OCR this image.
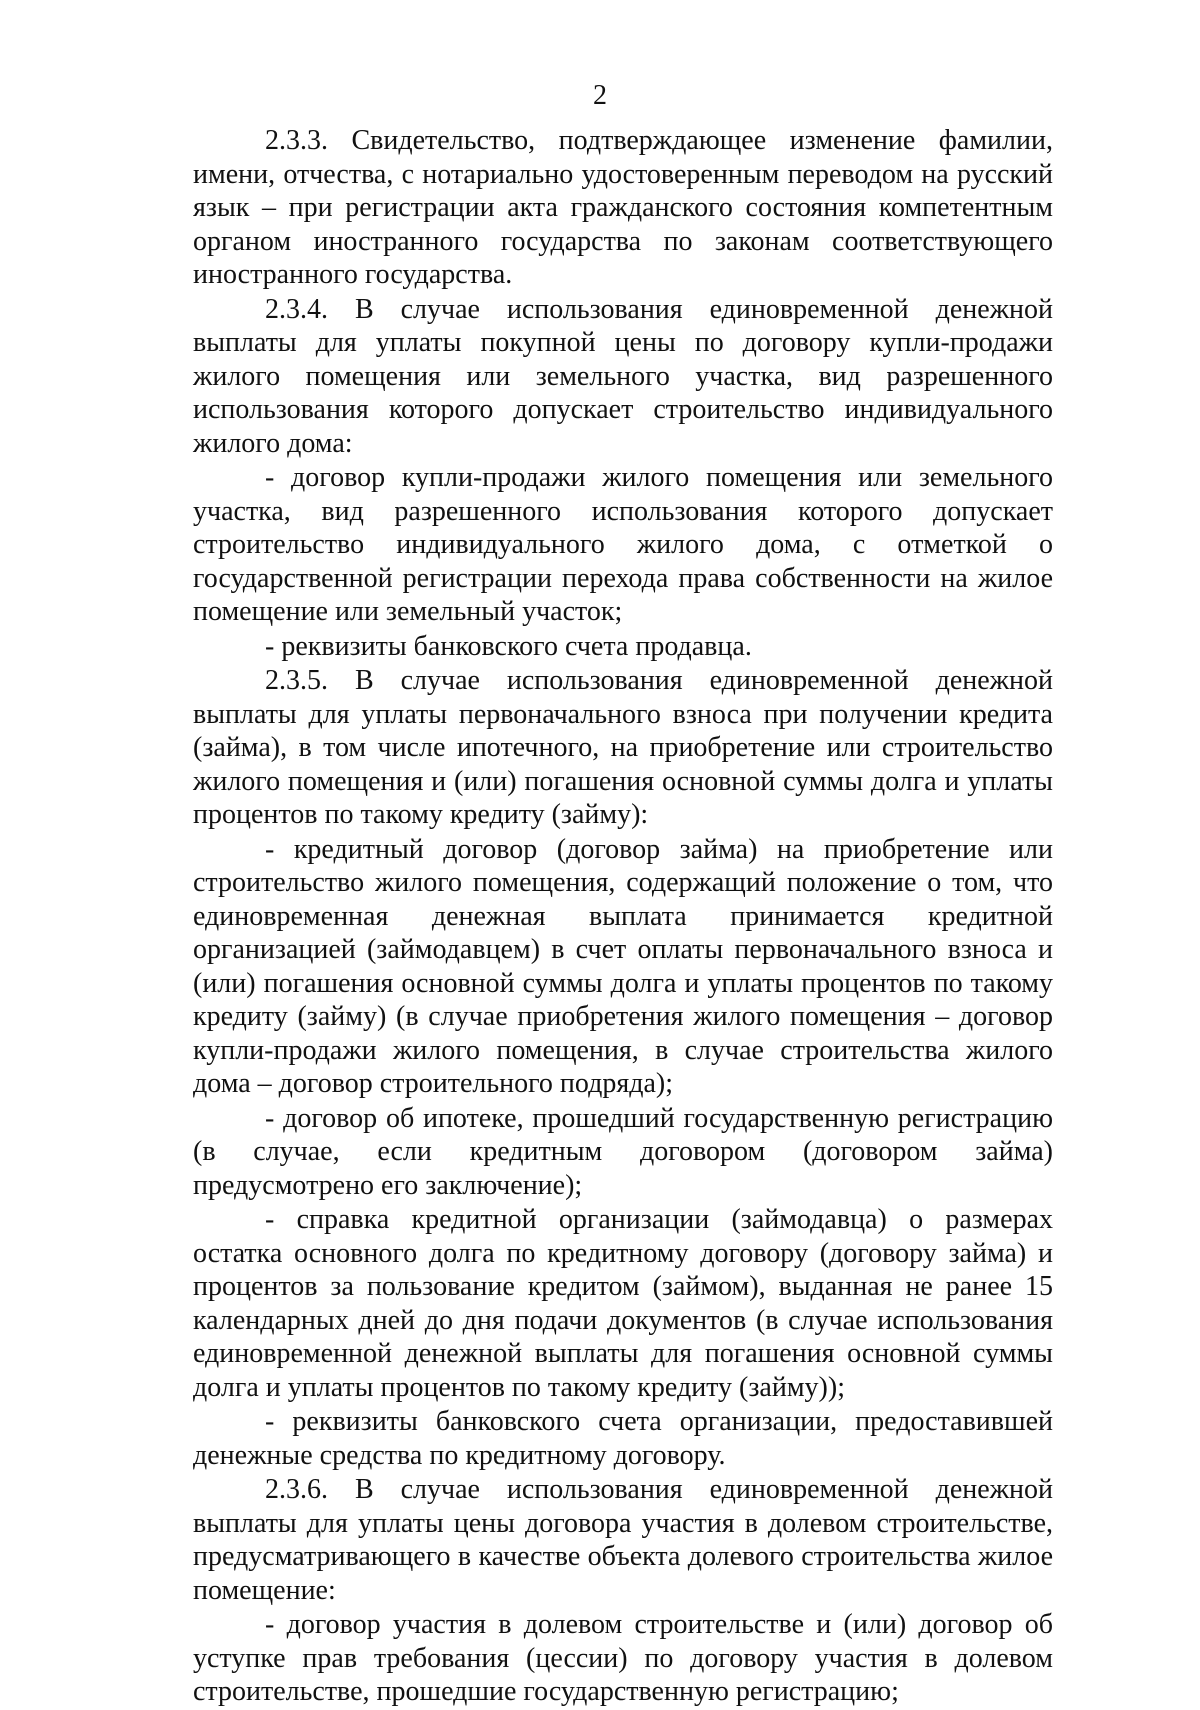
2

2.3.3. Свидетельство, подтверждающее изменение фамилии, имени, отчества, с нотариально удостоверенным переводом на русский язык – при регистрации акта гражданского состояния компетентным органом иностранного государства по законам соответствующего иностранного государства.

2.3.4. В случае использования единовременной денежной выплаты для уплаты покупной цены по договору купли-продажи жилого помещения или земельного участка, вид разрешенного использования которого допускает строительство индивидуального жилого дома:

- договор купли-продажи жилого помещения или земельного участка, вид разрешенного использования которого допускает строительство индивидуального жилого дома, с отметкой о государственной регистрации перехода права собственности на жилое помещение или земельный участок;

- реквизиты банковского счета продавца.

2.3.5. В случае использования единовременной денежной выплаты для уплаты первоначального взноса при получении кредита (займа), в том числе ипотечного, на приобретение или строительство жилого помещения и (или) погашения основной суммы долга и уплаты процентов по такому кредиту (займу):

- кредитный договор (договор займа) на приобретение или строительство жилого помещения, содержащий положение о том, что единовременная денежная выплата принимается кредитной организацией (займодавцем) в счет оплаты первоначального взноса и (или) погашения основной суммы долга и уплаты процентов по такому кредиту (займу) (в случае приобретения жилого помещения – договор купли-продажи жилого помещения, в случае строительства жилого дома – договор строительного подряда);

- договор об ипотеке, прошедший государственную регистрацию (в случае, если кредитным договором (договором займа) предусмотрено его заключение);

- справка кредитной организации (займодавца) о размерах остатка основного долга по кредитному договору (договору займа) и процентов за пользование кредитом (займом), выданная не ранее 15 календарных дней до дня подачи документов (в случае использования единовременной денежной выплаты для погашения основной суммы долга и уплаты процентов по такому кредиту (займу));

- реквизиты банковского счета организации, предоставившей денежные средства по кредитному договору.

2.3.6. В случае использования единовременной денежной выплаты для уплаты цены договора участия в долевом строительстве, предусматривающего в качестве объекта долевого строительства жилое помещение:

- договор участия в долевом строительстве и (или) договор об уступке прав требования (цессии) по договору участия в долевом строительстве, прошедшие государственную регистрацию;
